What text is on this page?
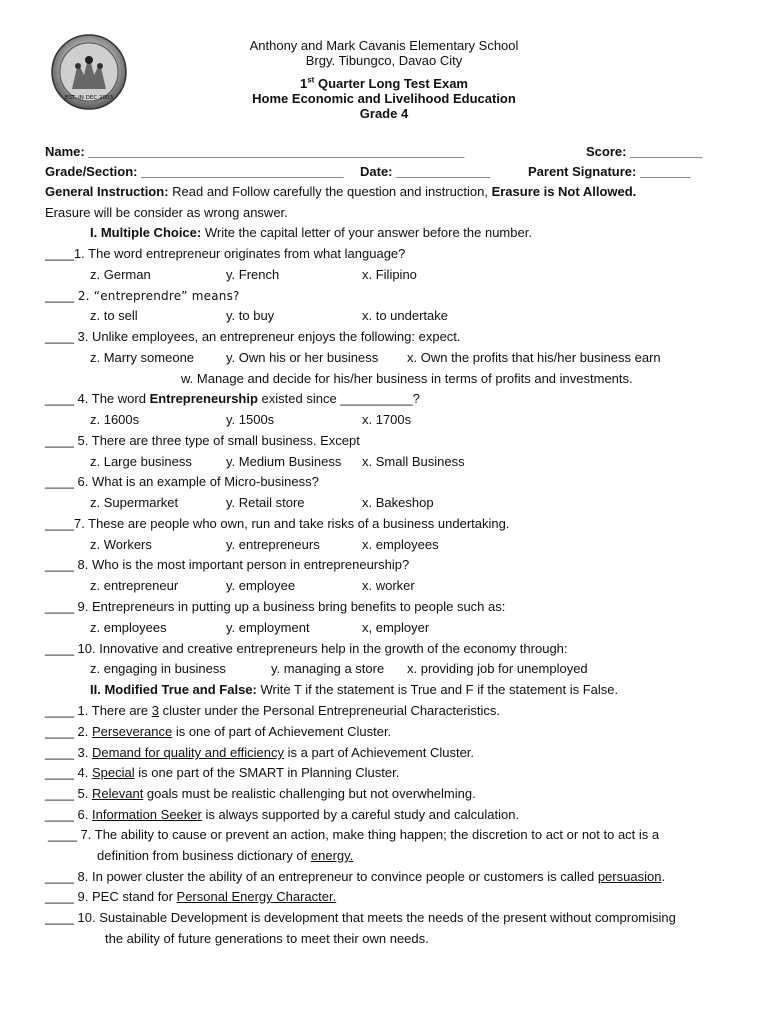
EST. IN DEC 2003
Anthony and Mark Cavanis Elementary School
Brgy. Tibungco, Davao City
1st Quarter Long Test Exam
Home Economic and Livelihood Education
Grade 4
Name: ____________________________________________________	Score: __________
Grade/Section: ____________________________ Date: _____________	Parent Signature: _______
General Instruction: Read and Follow carefully the question and instruction, Erasure is Not Allowed.
Erasure will be consider as wrong answer.
I. Multiple Choice: Write the capital letter of your answer before the number.
____1. The word entrepreneur originates from what language?
z. German	y. French	x. Filipino
____ 2. “entreprendre” means?
z. to sell	y. to buy	x. to undertake
____ 3. Unlike employees, an entrepreneur enjoys the following: expect.
z. Marry someone y. Own his or her business x. Own the profits that his/her business earn
w. Manage and decide for his/her business in terms of profits and investments.
____ 4. The word Entrepreneurship existed since __________?
z. 1600s	y. 1500s	x. 1700s
____ 5. There are three type of small business. Except
z. Large business	y. Medium Business x. Small Business
____ 6. What is an example of Micro-business?
z. Supermarket	y. Retail store	x. Bakeshop
____7. These are people who own, run and take risks of a business undertaking.
z. Workers	y. entrepreneurs	x. employees
____ 8. Who is the most important person in entrepreneurship?
z. entrepreneur	y. employee	x. worker
____ 9. Entrepreneurs in putting up a business bring benefits to people such as:
z. employees	y. employment	x, employer
____ 10. Innovative and creative entrepreneurs help in the growth of the economy through:
z. engaging in business	y. managing a store x. providing job for unemployed
II. Modified True and False: Write T if the statement is True and F if the statement is False.
____ 1. There are 3 cluster under the Personal Entrepreneurial Characteristics.
____ 2. Perseverance is one of part of Achievement Cluster.
____ 3. Demand for quality and efficiency is a part of Achievement Cluster.
____ 4. Special is one part of the SMART in Planning Cluster.
____ 5. Relevant goals must be realistic challenging but not overwhelming.
____ 6. Information Seeker is always supported by a careful study and calculation.
____ 7. The ability to cause or prevent an action, make thing happen; the discretion to act or not to act is a
definition from business dictionary of energy.
____ 8. In power cluster the ability of an entrepreneur to convince people or customers is called persuasion.
____ 9. PEC stand for Personal Energy Character.
____ 10. Sustainable Development is development that meets the needs of the present without compromising
the ability of future generations to meet their own needs.
